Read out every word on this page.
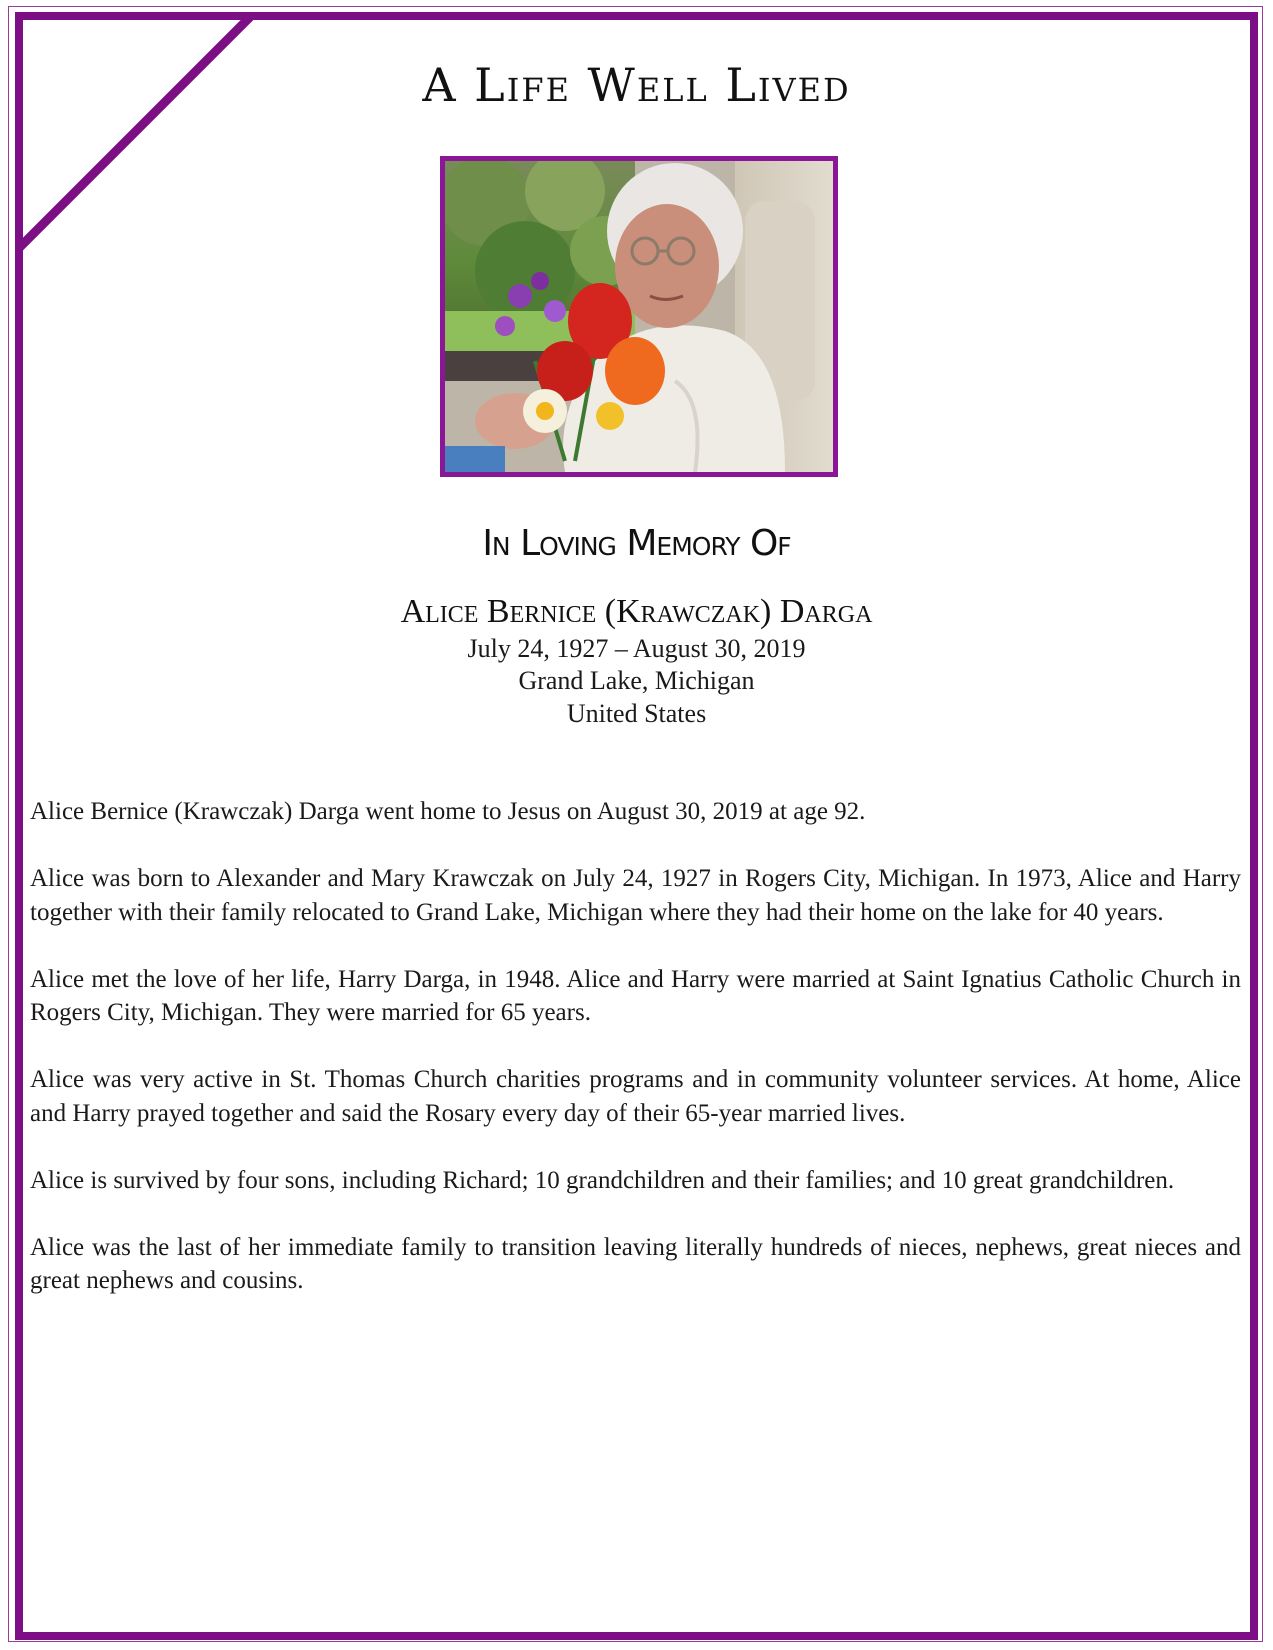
A Life Well Lived
In Loving Memory Of
Alice Bernice (Krawczak) Darga
July 24, 1927 – August 30, 2019
Grand Lake, Michigan
United States

Alice Bernice (Krawczak) Darga went home to Jesus on August 30, 2019 at age 92.

Alice was born to Alexander and Mary Krawczak on July 24, 1927 in Rogers City, Michigan. In 1973, Alice and Harry together with their family relocated to Grand Lake, Michigan where they had their home on the lake for 40 years.

Alice met the love of her life, Harry Darga, in 1948. Alice and Harry were married at Saint Ignatius Catholic Church in Rogers City, Michigan. They were married for 65 years.

Alice was very active in St. Thomas Church charities programs and in community volunteer services. At home, Alice and Harry prayed together and said the Rosary every day of their 65-year married lives.

Alice is survived by four sons, including Richard; 10 grandchildren and their families; and 10 great grandchildren.

Alice was the last of her immediate family to transition leaving literally hundreds of nieces, nephews, great nieces and great nephews and cousins.
